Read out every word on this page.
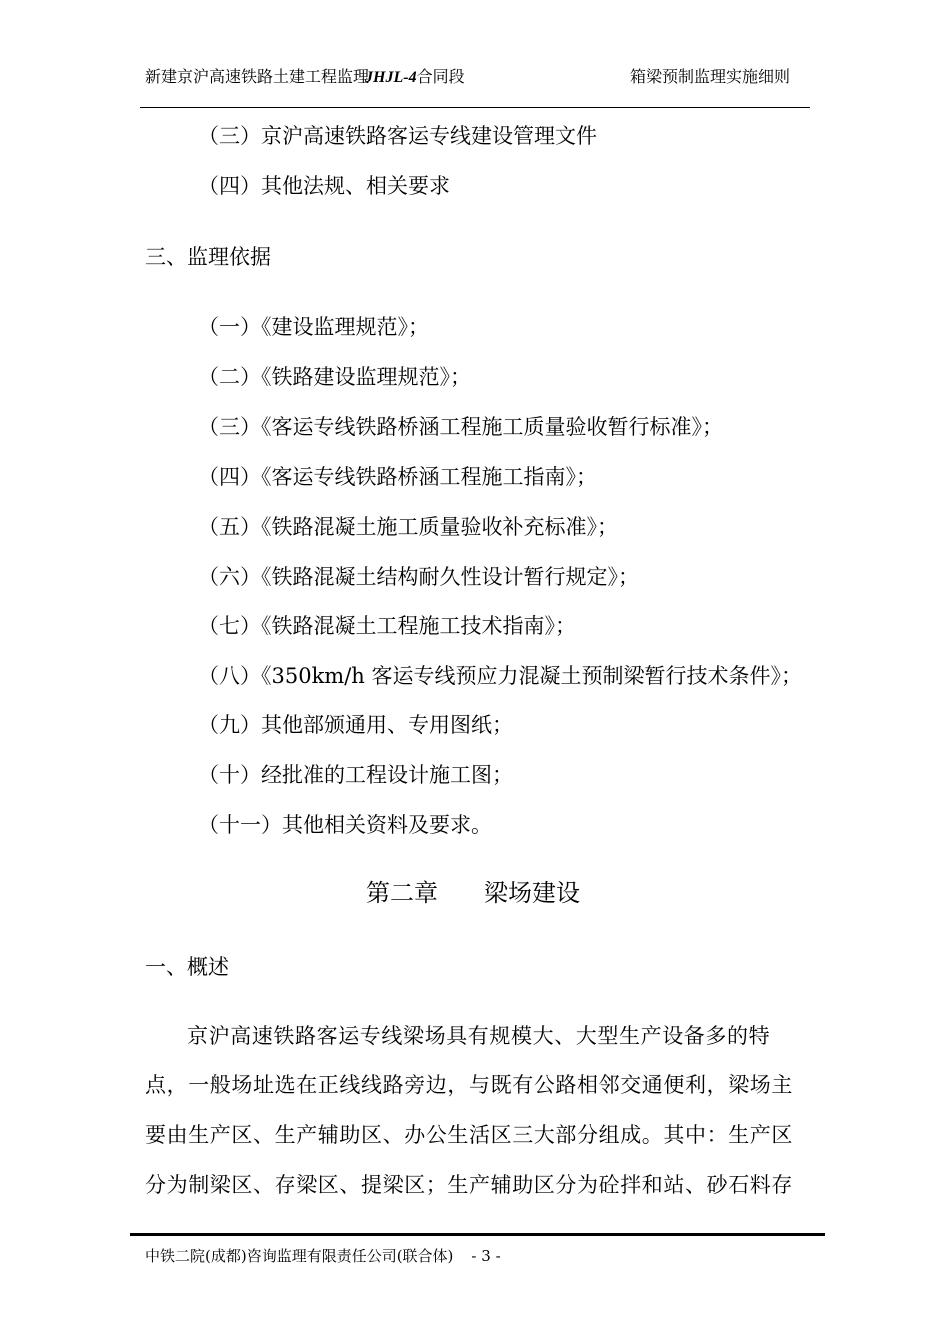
新建京沪高速铁路土建工程监理JHJL-4合同段	箱梁预制监理实施细则
（三）京沪高速铁路客运专线建设管理文件
（四）其他法规、相关要求
三、监理依据
（一）《建设监理规范》；
（二）《铁路建设监理规范》；
（三）《客运专线铁路桥涵工程施工质量验收暂行标准》；
（四）《客运专线铁路桥涵工程施工指南》；
（五）《铁路混凝土施工质量验收补充标准》；
（六）《铁路混凝土结构耐久性设计暂行规定》；
（七）《铁路混凝土工程施工技术指南》；
（八）《350km/h 客运专线预应力混凝土预制梁暂行技术条件》；
（九）其他部颁通用、专用图纸；
（十）经批准的工程设计施工图；
（十一）其他相关资料及要求。
第二章 梁场建设
一、概述
京沪高速铁路客运专线梁场具有规模大、大型生产设备多的特
点，一般场址选在正线线路旁边，与既有公路相邻交通便利，梁场主
要由生产区、生产辅助区、办公生活区三大部分组成。其中：生产区
分为制梁区、存梁区、提梁区；生产辅助区分为砼拌和站、砂石料存
中铁二院(成都)咨询监理有限责任公司(联合体) - 3 -
